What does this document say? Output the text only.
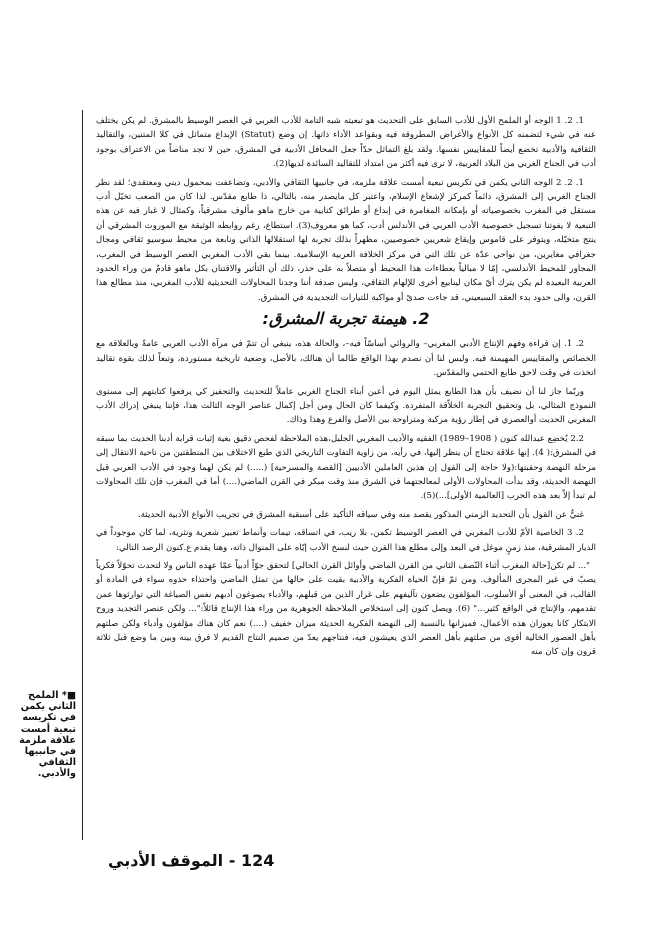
1. 2. 1 الوجه أو الملمح الأول للأدب السابق على التحديث هو تبعيته شبه التامة للأدب العربي في العصر الوسيط بالمشرق. لم يكن يختلف عنه في شيء لتضمنه كل الأنواع والأغراض المطروقة فيه وبقواعد الأداء ذاتها. إن وضع (Statut) الإبداع متماثل في كلا المتنين، والتقاليد الثقافية والأدبية تخضع أيضاً للمقاييس نفسها. ولقد بلغ التماثل حدّاً جعل المحافل الأدبية في المشرق، حين لا تجد مناصاً من الاعتراف بوجود أدب في الجناح الغربي من البلاد العربية، لا ترى فيه أكثر من امتداد للتقاليد السائدة لديها(2).

1. 2. 2 الوجه الثاني يكمن في تكريس تبعية أمست علاقة ملزمة، في جانبيها الثقافي والأدبي، وتضاعفت بمحمول ديني ومعتقدي؛ لقد نظر الجناح الغربي إلى المشرق، دائماً كمركز لإشعاع الإسلام، واعتبر كل مايصدر منه، بالتالي، ذا طابع مقدّس. لذا كان من الصعب تخيّل أدب مستقل في المغرب بخصوصياته أو بإمكانه المغامرة في إبداع أو طرائق كتابية من خارج ماهو مألوف مشرقياً، وكمثال لا غبار فيه عن هذه التبعية لا يفوتنا تسجيل خصوصية الأدب العربي في الأندلس أدب، كما هو معروف(3). استطاع، رغم روابطه الوثيقة مع الموروث المشرقي أن ينتج متخيّله، ويتوفر على قاموس وإيقاع شعريين خصوصيين، مظهراً بذلك تجربة لها استقلالها الذاتي ونابعة من محيط سوسيو ثقافي ومجال جغرافي مغايرين، من نواحي عدّة عن تلك التي في مركز الخلافة العربية الإسلامية. بينما بقي الأدب المغربي العصر الوسيط في المغرب، المجاور للمحيط الأندلسي، إمّا لا مبالياً بعطاءات هذا المحيط أو متصلاً به على حذر، ذلك أن التأثير والاقتنان بكل ماهو قادمٌ من وراء الحدود العربية البعيدة لم يكن يترك أيّ مكان لينابيع أخرى للإلهام الثقافي، وليس صدفة أننا وجدنا المحاولات التحديثية للأدب المغربي، منذ مطالع هذا القرن، والى حدود بدء العقد السبعيني، قد جاءت صدىً أو مواكبة للتيارات التجديدية في المشرق.

2. هيمنة تجربة المشرق:

2. 1. إن قراءة وفهم الإنتاج الأدبي المغربي– والروائي أساسّاً فيه–، والحالة هذه، ينبغي أن تتمّ في مرآة الأدب العربي عامةً وبالعلاقة مع الخصائص والمقاييس المهيمنة فيه. وليس لنا أن نصدم بهذا الواقع طالما أن هنالك، بالأصل، وضعية تاريخية مستوردة، وتبعاً لذلك بقوة تقاليد اتخذت في وقت لاحق طابع الحتمي والمقدّس.

وربّما جاز لنا أن نضيف بأن هذا الطابع يمثل اليوم في أعين أبناء الجناح الغربي عاملاً للتحديث والتحفيز كي يرفعوا كتابتهم إلى مستوى النموذج المثالي، بل وتحقيق التجربة الخلاّقة المتفردة. وكيفما كان الحال ومن أجل إكمال عناصر الوجه الثالث هذا، فإننا ينبغي إدراك الأدب المغربي الحديث أوالعصري في إطار رؤية مركبة ومتراوحة بين الأصل والفرع وهذا وذاك.

2.2 يُخضِع عبدالله كنون ( 1908–1989) الفقيه والأديب المغربي الجليل،هذه الملاحظة لفحص دقيق بغية إثبات قرابة أدبنا الحديث بما سبقه في المشرق:( 4). إنها علاقة تحتاج أن ينظر إليها، في رأيه، من زاوية التفاوت التاريخي الذي طبع الاختلاف بين المنطقتين من ناحية الانتقال إلى مرحلة النهضة وحقبتها:(ولا حاجة إلى القول إن هذين العاملين الأدبيين [القصة والمسرحية] (.....) لم يكن لهما وجود في الأدب العربي قبل النهضة الحديثة، وقد بدأت المحاولات الأولى لمعالجتهما في الشرق منذ وقت مبكر في القرن الماضي(....) أما في المغرب فإن تلك المحاولات لم تبدأ إلاّ بعد هذه الحرب [العالمية الأولى]...)(5).

غنيٌّ عن القول بأن التحديد الزمني المذكور يقصد منه وفي سياقه التأكيد على أسبقية المشرق في تجريب الأنواع الأدبية الحديثة.

2. 3 الخاصية الأمّ للأدب المغربي في العصر الوسيط تكمن، بلا ريب، في اتساقه، تيمات وأنماط تعبير شعرية ونثرية، لما كان موجوداً في الديار المشرقية، منذ زمنٍ موغل في البعد وإلى مطلع هذا القرن حيث لنسخ الأدب إيّاه على المنوال ذاته، وهنا يقدم ع.كنون الرصد التالي:

"... لم تكن[حالة المغرب أثناء النّصف الثاني من القرن الماضي وأوائل القرن الحالي] لتحقق جوّاً أدبياً عمّا عهده الناس ولا لتحدث تحوّلاً فكرياً يصبّ في غير المجرى المألوف. ومن ثمّ فإنّ الحياة الفكرية والأدبية بقيت على حالها من تمثل الماضي واحتذاء حذوه سواء في المادة أو القالب، في المعنى أو الأسلوب، المؤلفون يضعون تآليفهم على غرار الذين من قبلهم، والأدباء يصوغون أدبهم نفس الصياغة التي توارثوها عمن تقدمهم، والإنتاج في الواقع كثير..." (6). ويصل كنون إلى استخلاص الملاحظة الجوهرية من وراء هذا الإنتاج قائلاً:"... ولكن عنصر التجديد وروح الابتكار كانا يعوزان هذه الأعمال، فميزانها بالنسبة إلى النهضة الفكرية الحديثة ميزان خفيف (....) نعم كان هناك مؤلفون وأدباء ولكن صلتهم بأهل العصور الخالية أقوى من صلتهم بأهل العصر الذي يعيشون فيه، فنتاجهم يعدّ من صميم النتاج القديم لا فرق بينه وبين ما وضع قبل ثلاثة قرون وإن كان منه

■* الملمح الثاني يكمن في تكريسه تبعية أمست علاقة ملزمة في جانبيها الثقافي والأدبي.
124 - الموقف الأدبي
